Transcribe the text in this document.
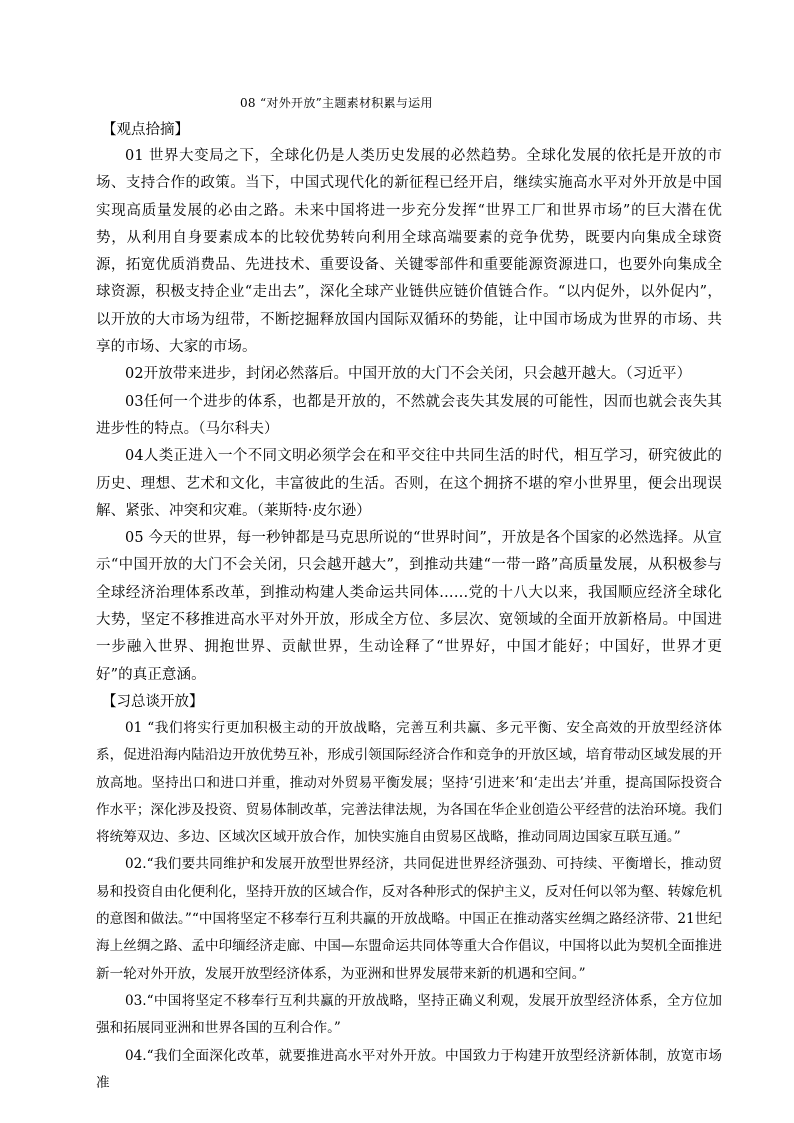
08 “对外开放”主题素材积累与运用
【观点拾摘】

01 世界大变局之下，全球化仍是人类历史发展的必然趋势。全球化发展的依托是开放的市场、支持合作的政策。当下，中国式现代化的新征程已经开启，继续实施高水平对外开放是中国实现高质量发展的必由之路。未来中国将进一步充分发挥“世界工厂和世界市场”的巨大潜在优势，从利用自身要素成本的比较优势转向利用全球高端要素的竞争优势，既要内向集成全球资源，拓宽优质消费品、先进技术、重要设备、关键零部件和重要能源资源进口，也要外向集成全球资源，积极支持企业“走出去”，深化全球产业链供应链价值链合作。“以内促外，以外促内”，以开放的大市场为纽带，不断挖掘释放国内国际双循环的势能，让中国市场成为世界的市场、共享的市场、大家的市场。

02开放带来进步，封闭必然落后。中国开放的大门不会关闭，只会越开越大。（习近平）

03任何一个进步的体系，也都是开放的，不然就会丧失其发展的可能性，因而也就会丧失其进步性的特点。（马尔科夫）

04人类正进入一个不同文明必须学会在和平交往中共同生活的时代，相互学习，研究彼此的历史、理想、艺术和文化，丰富彼此的生活。否则，在这个拥挤不堪的窄小世界里，便会出现误解、紧张、冲突和灾难。（莱斯特·皮尔逊）

05 今天的世界，每一秒钟都是马克思所说的“世界时间”，开放是各个国家的必然选择。从宣示“中国开放的大门不会关闭，只会越开越大”，到推动共建“一带一路”高质量发展，从积极参与全球经济治理体系改革，到推动构建人类命运共同体……党的十八大以来，我国顺应经济全球化大势，坚定不移推进高水平对外开放，形成全方位、多层次、宽领域的全面开放新格局。中国进一步融入世界、拥抱世界、贡献世界，生动诠释了“世界好，中国才能好；中国好，世界才更好”的真正意涵。

【习总谈开放】

01 “我们将实行更加积极主动的开放战略，完善互利共赢、多元平衡、安全高效的开放型经济体系，促进沿海内陆沿边开放优势互补，形成引领国际经济合作和竞争的开放区域，培育带动区域发展的开放高地。坚持出口和进口并重，推动对外贸易平衡发展；坚持‘引进来’和‘走出去’并重，提高国际投资合作水平；深化涉及投资、贸易体制改革，完善法律法规，为各国在华企业创造公平经营的法治环境。我们将统筹双边、多边、区域次区域开放合作，加快实施自由贸易区战略，推动同周边国家互联互通。”

02.“我们要共同维护和发展开放型世界经济，共同促进世界经济强劲、可持续、平衡增长，推动贸易和投资自由化便利化，坚持开放的区域合作，反对各种形式的保护主义，反对任何以邻为壑、转嫁危机的意图和做法。”“中国将坚定不移奉行互利共赢的开放战略。中国正在推动落实丝绸之路经济带、21世纪海上丝绸之路、孟中印缅经济走廊、中国—东盟命运共同体等重大合作倡议，中国将以此为契机全面推进新一轮对外开放，发展开放型经济体系，为亚洲和世界发展带来新的机遇和空间。”

03.“中国将坚定不移奉行互利共赢的开放战略，坚持正确义利观，发展开放型经济体系，全方位加强和拓展同亚洲和世界各国的互利合作。”

04.“我们全面深化改革，就要推进高水平对外开放。中国致力于构建开放型经济新体制，放宽市场准
